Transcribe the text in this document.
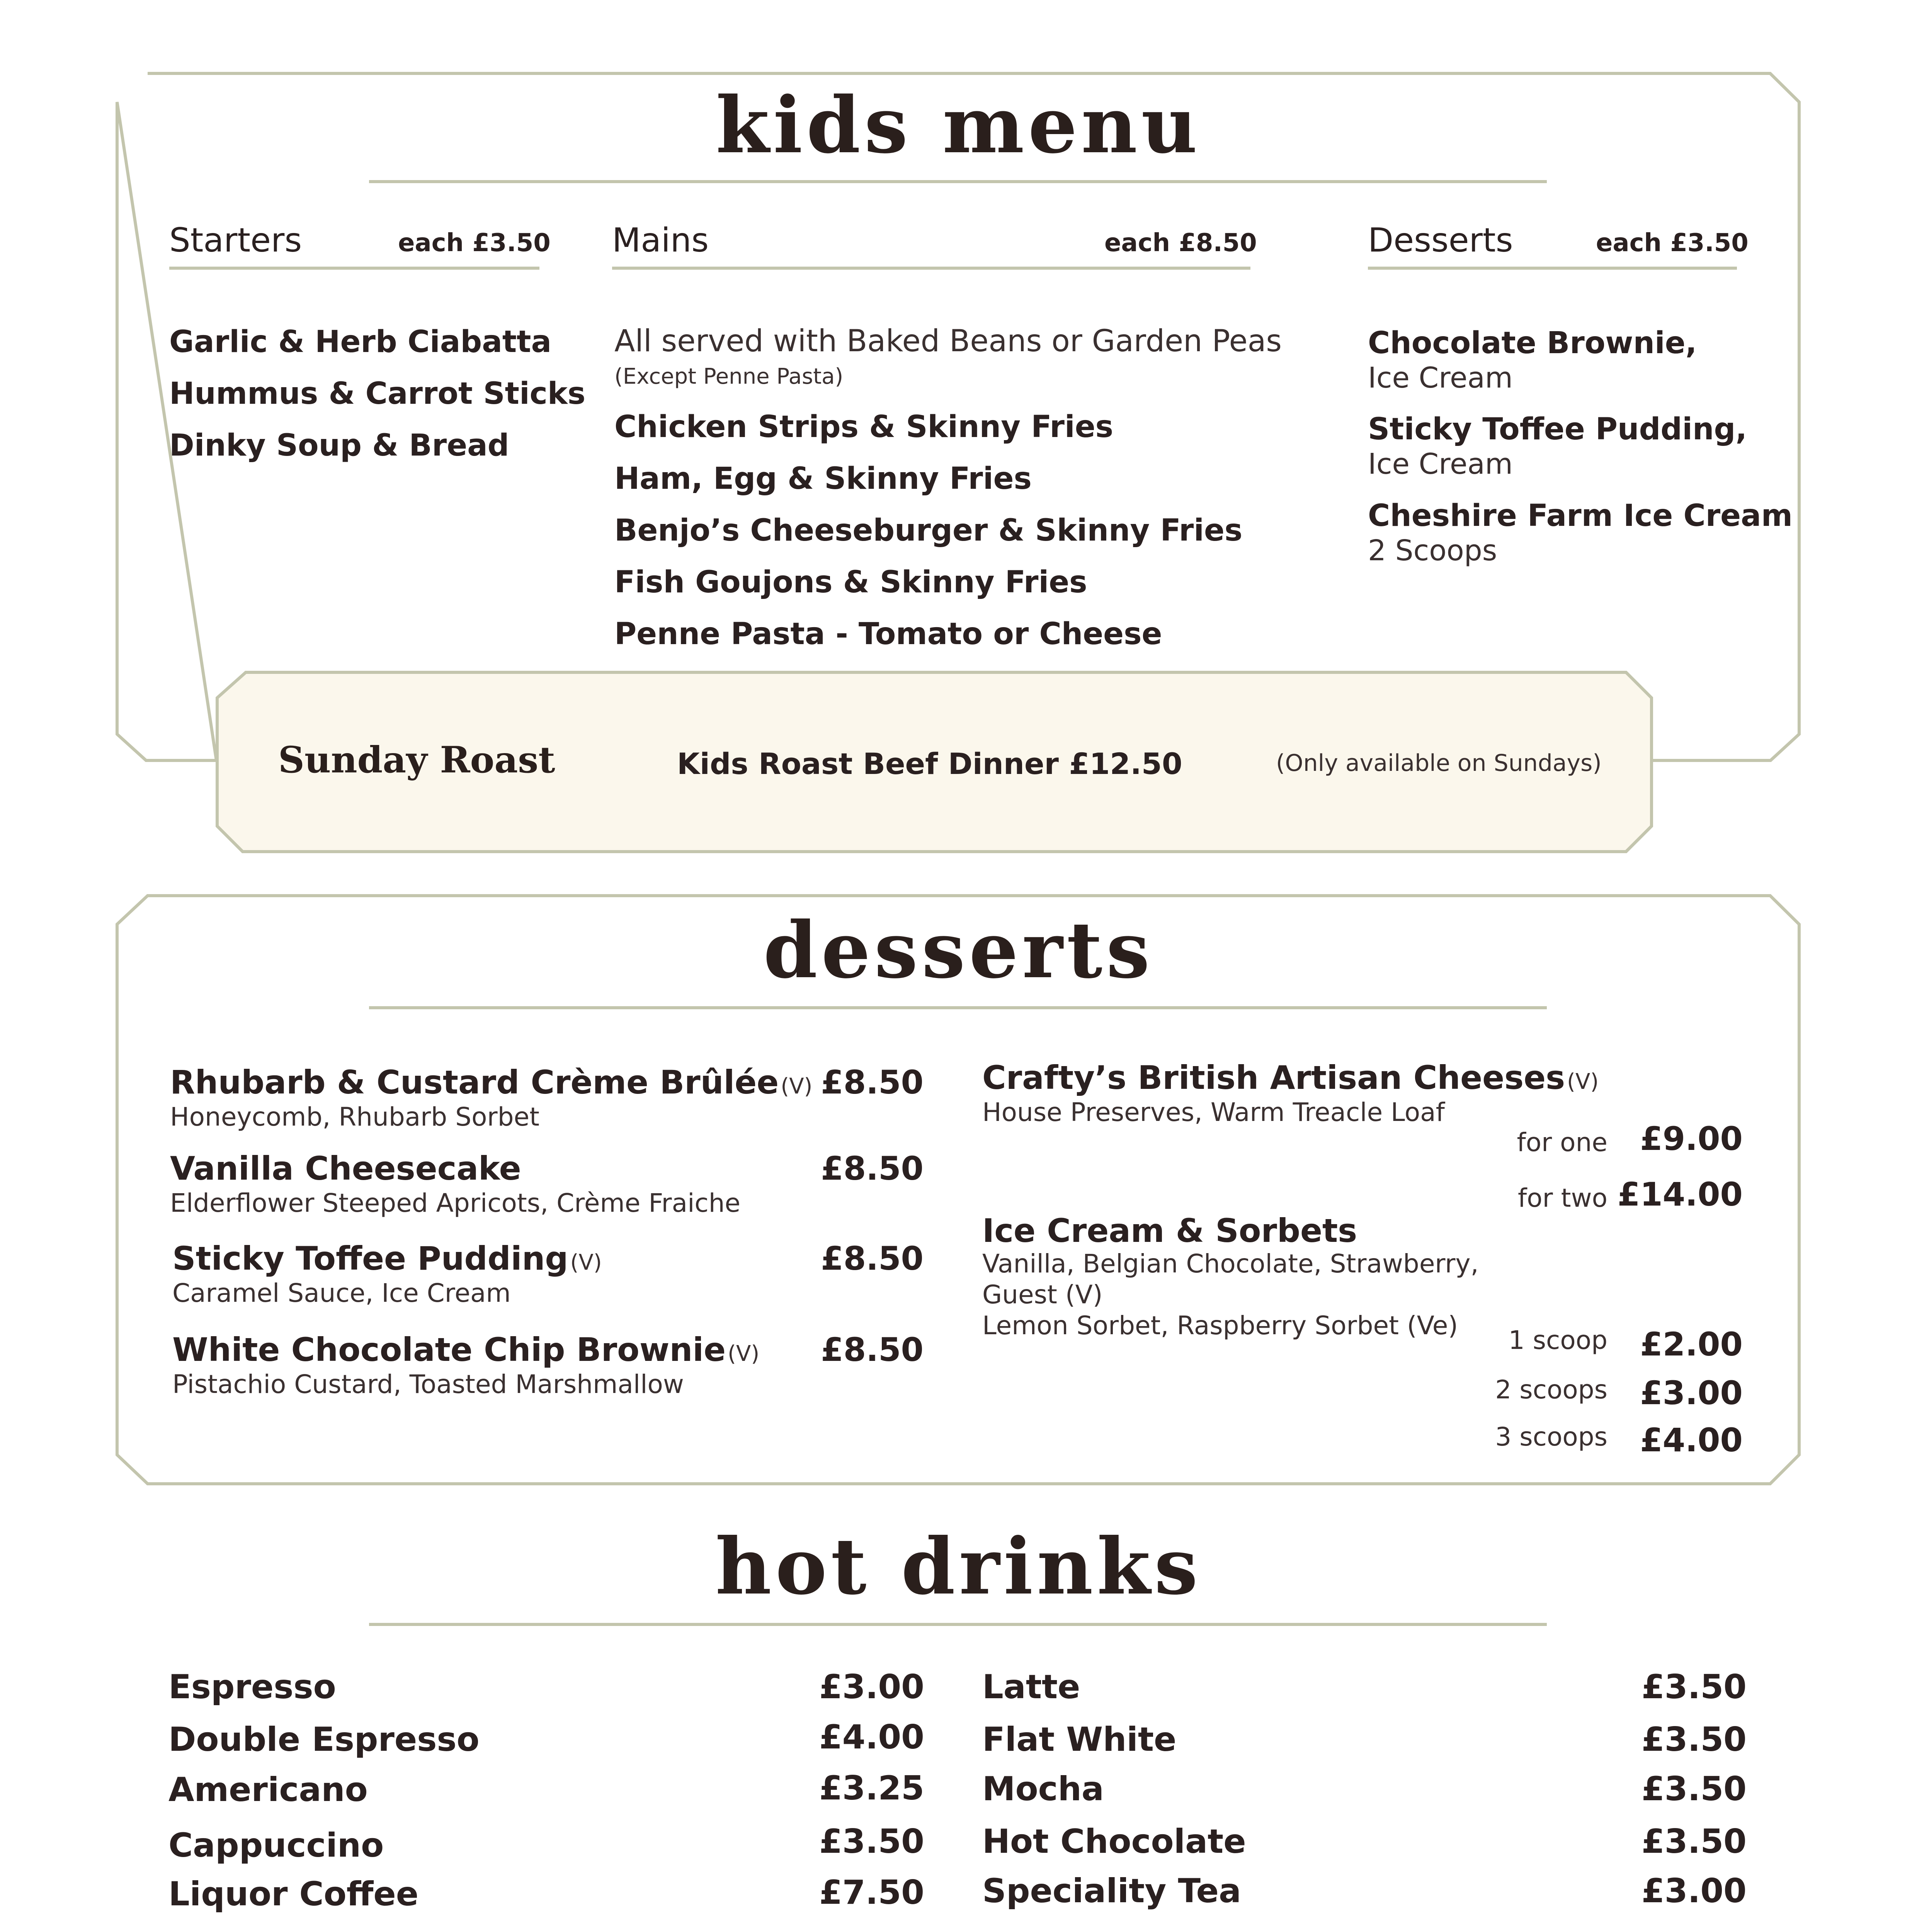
kids menu
Starters	each £3.50 Mains	each £8.50	Desserts	each £3.50
Garlic & Herb Ciabatta
Hummus & Carrot Sticks
Dinky Soup & Bread
All served with Baked Beans or Garden Peas
(Except Penne Pasta)
Chicken Strips & Skinny Fries
Ham, Egg & Skinny Fries
Benjo’s Cheeseburger & Skinny Fries
Fish Goujons & Skinny Fries
Penne Pasta - Tomato or Cheese
Chocolate Brownie,
Ice Cream
Sticky Toffee Pudding,
Ice Cream
Cheshire Farm Ice Cream
2 Scoops
Sunday Roast	Kids Roast Beef Dinner £12.50	(Only available on Sundays)
desserts
Rhubarb & Custard Crème Brûlée (V)
Honeycomb, Rhubarb Sorbet
£8.50
Vanilla Cheesecake
Elderflower Steeped Apricots, Crème Fraiche
£8.50
Sticky Toffee Pudding (V)
Caramel Sauce, Ice Cream
£8.50
White Chocolate Chip Brownie (V)
Pistachio Custard, Toasted Marshmallow
£8.50
Crafty’s British Artisan Cheeses (V)
House Preserves, Warm Treacle Loaf
for one	£9.00
for two £14.00
Ice Cream & Sorbets
Vanilla, Belgian Chocolate, Strawberry,
Guest (V)
Lemon Sorbet, Raspberry Sorbet (Ve)	1 scoop	£2.00
2 scoops	£3.00
3 scoops	£4.00
hot drinks
Espresso	£3.00
Double Espresso	£4.00
Americano	£3.25
Cappuccino	£3.50
Liquor Coffee	£7.50
Latte	£3.50
Flat White	£3.50
Mocha	£3.50
Hot Chocolate	£3.50
Speciality Tea	£3.00
